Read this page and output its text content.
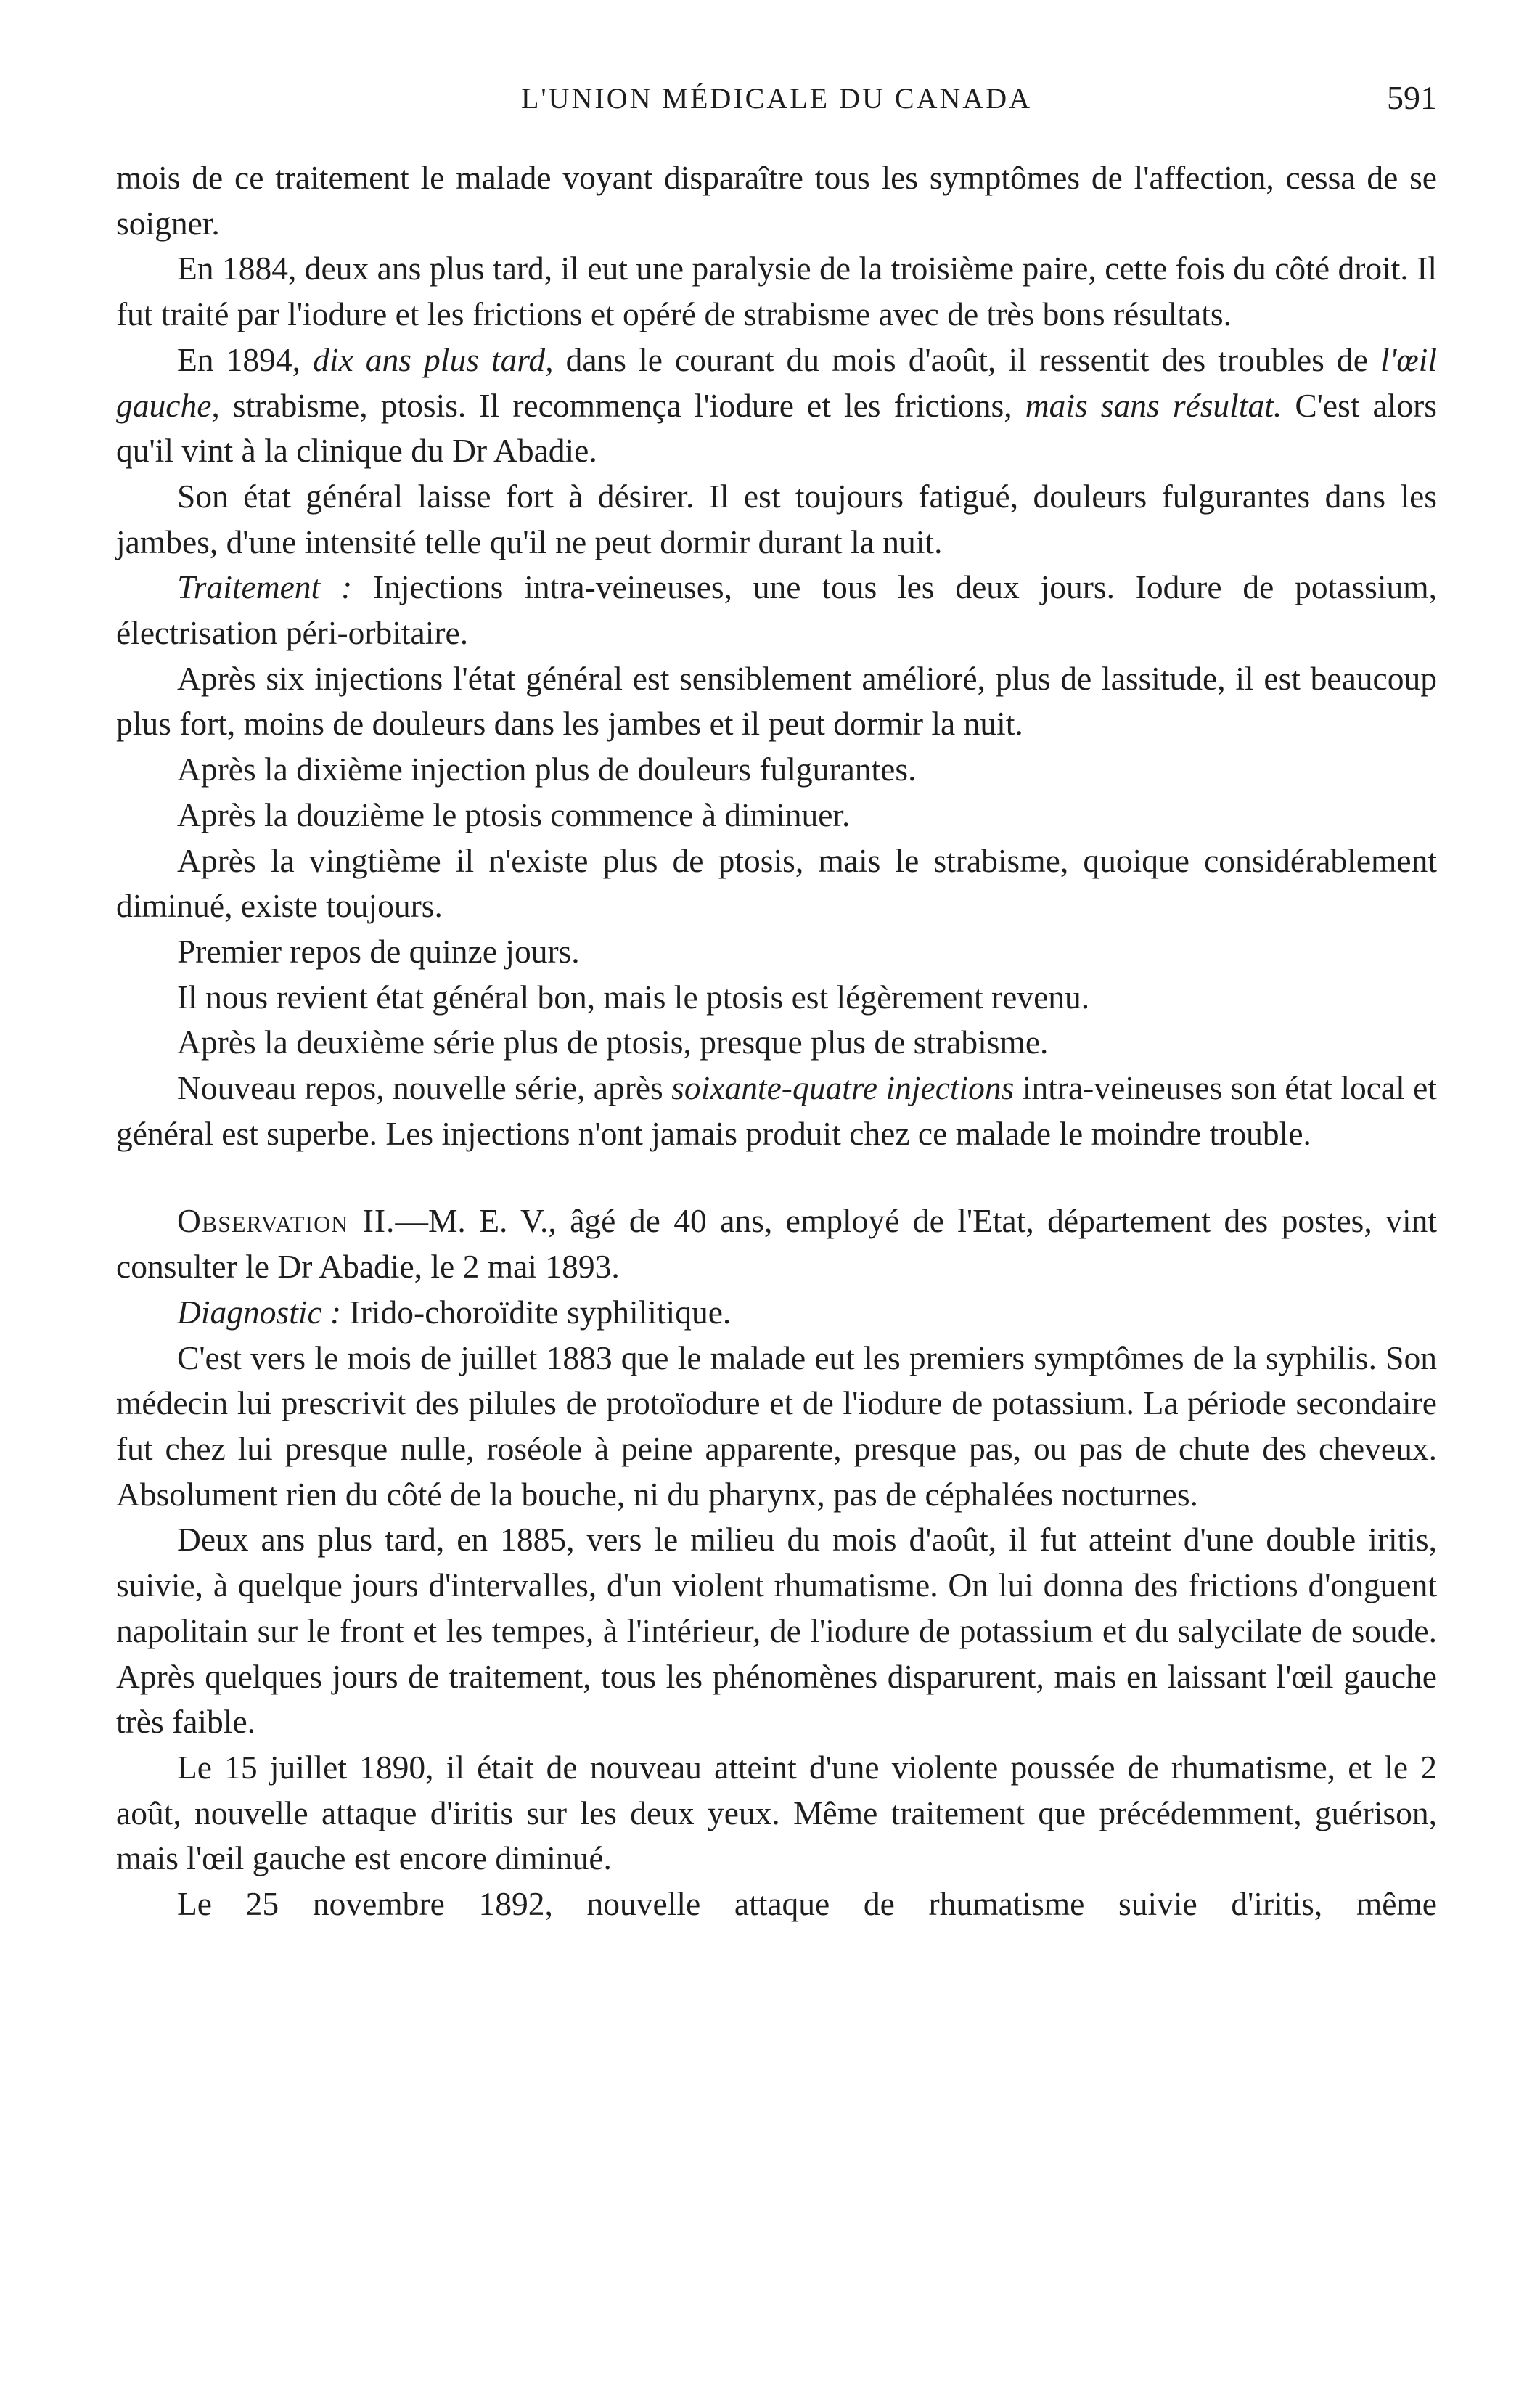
L'UNION MÉDICALE DU CANADA	591

mois de ce traitement le malade voyant disparaître tous les symptômes de l'affection, cessa de se soigner.

En 1884, deux ans plus tard, il eut une paralysie de la troisième paire, cette fois du côté droit. Il fut traité par l'iodure et les frictions et opéré de strabisme avec de très bons résultats.

En 1894, dix ans plus tard, dans le courant du mois d'août, il ressentit des troubles de l'œil gauche, strabisme, ptosis. Il recommença l'iodure et les frictions, mais sans résultat. C'est alors qu'il vint à la clinique du Dr Abadie.

Son état général laisse fort à désirer. Il est toujours fatigué, douleurs fulgurantes dans les jambes, d'une intensité telle qu'il ne peut dormir durant la nuit.

Traitement : Injections intra-veineuses, une tous les deux jours. Iodure de potassium, électrisation péri-orbitaire.

Après six injections l'état général est sensiblement amélioré, plus de lassitude, il est beaucoup plus fort, moins de douleurs dans les jambes et il peut dormir la nuit.

Après la dixième injection plus de douleurs fulgurantes.

Après la douzième le ptosis commence à diminuer.

Après la vingtième il n'existe plus de ptosis, mais le strabisme, quoique considérablement diminué, existe toujours.

Premier repos de quinze jours.

Il nous revient état général bon, mais le ptosis est légèrement revenu.

Après la deuxième série plus de ptosis, presque plus de strabisme.

Nouveau repos, nouvelle série, après soixante-quatre injections intra-veineuses son état local et général est superbe. Les injections n'ont jamais produit chez ce malade le moindre trouble.

Observation II.—M. E. V., âgé de 40 ans, employé de l'Etat, département des postes, vint consulter le Dr Abadie, le 2 mai 1893.

Diagnostic : Irido-choroïdite syphilitique.

C'est vers le mois de juillet 1883 que le malade eut les premiers symptômes de la syphilis. Son médecin lui prescrivit des pilules de protoïodure et de l'iodure de potassium. La période secondaire fut chez lui presque nulle, roséole à peine apparente, presque pas, ou pas de chute des cheveux. Absolument rien du côté de la bouche, ni du pharynx, pas de céphalées nocturnes.

Deux ans plus tard, en 1885, vers le milieu du mois d'août, il fut atteint d'une double iritis, suivie, à quelque jours d'intervalles, d'un violent rhumatisme. On lui donna des frictions d'onguent napolitain sur le front et les tempes, à l'intérieur, de l'iodure de potassium et du salycilate de soude. Après quelques jours de traitement, tous les phénomènes disparurent, mais en laissant l'œil gauche très faible.

Le 15 juillet 1890, il était de nouveau atteint d'une violente poussée de rhumatisme, et le 2 août, nouvelle attaque d'iritis sur les deux yeux. Même traitement que précédemment, guérison, mais l'œil gauche est encore diminué.

Le 25 novembre 1892, nouvelle attaque de rhumatisme suivie d'iritis, même
